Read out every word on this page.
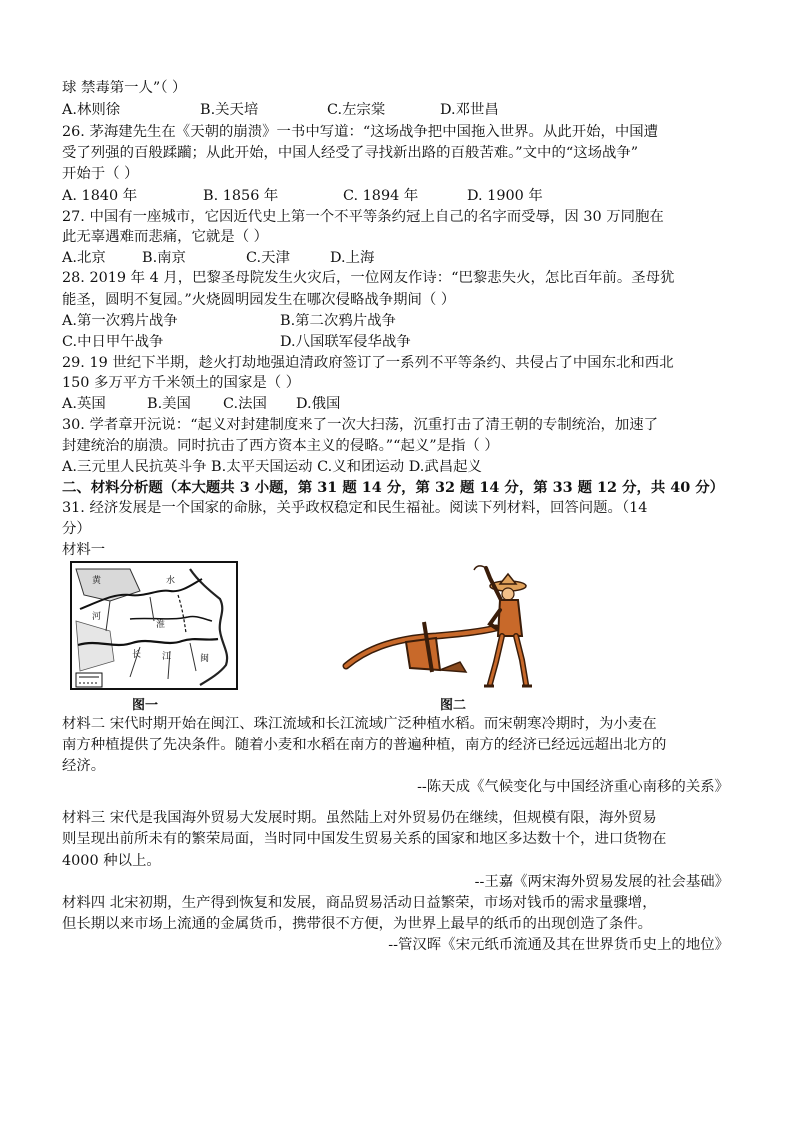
球 禁毒第一人”（ ）
A.林则徐	B.关天培	C.左宗棠	D.邓世昌
26. 茅海建先生在《天朝的崩溃》一书中写道：“这场战争把中国拖入世界。从此开始，中国遭
受了列强的百般蹂躏；从此开始，中国人经受了寻找新出路的百般苦难。”文中的“这场战争”
开始于（ ）
A. 1840 年	B. 1856 年	C. 1894 年	D. 1900 年
27. 中国有一座城市，它因近代史上第一个不平等条约冠上自己的名字而受辱，因 30 万同胞在
此无辜遇难而悲痛，它就是（ ）
A.北京	B.南京	C.天津	D.上海
28. 2019 年 4 月，巴黎圣母院发生火灾后，一位网友作诗：“巴黎悲失火，怎比百年前。圣母犹
能圣，圆明不复园。”火烧圆明园发生在哪次侵略战争期间（ ）
A.第一次鸦片战争	B.第二次鸦片战争
C.中日甲午战争	D.八国联军侵华战争
29. 19 世纪下半期，趁火打劫地强迫清政府签订了一系列不平等条约、共侵占了中国东北和西北
150 多万平方千米领土的国家是（ ）
A.英国	B.美国 C.法国 D.俄国
30. 学者章开沅说：“起义对封建制度来了一次大扫荡，沉重打击了清王朝的专制统治，加速了
封建统治的崩溃。同时抗击了西方资本主义的侵略。”“起义”是指（ ）
A.三元里人民抗英斗争 B.太平天国运动 C.义和团运动 D.武昌起义
二、材料分析题（本大题共 3 小题，第 31 题 14 分，第 32 题 14 分，第 33 题 12 分，共 40 分）
31. 经济发展是一个国家的命脉，关乎政权稳定和民生福祉。阅读下列材料，回答问题。（14
分）
材料一
黄	水
河
淮
长 江	闽
图一	图二
材料二 宋代时期开始在闽江、珠江流域和长江流域广泛种植水稻。而宋朝寒冷期时，为小麦在
南方种植提供了先决条件。随着小麦和水稻在南方的普遍种植，南方的经济已经远远超出北方的
经济。
--陈天成《气候变化与中国经济重心南移的关系》
材料三 宋代是我国海外贸易大发展时期。虽然陆上对外贸易仍在继续，但规模有限，海外贸易
则呈现出前所未有的繁荣局面，当时同中国发生贸易关系的国家和地区多达数十个，进口货物在
4000 种以上。
--王嘉《两宋海外贸易发展的社会基础》
材料四 北宋初期，生产得到恢复和发展，商品贸易活动日益繁荣，市场对钱币的需求量骤增，
但长期以来市场上流通的金属货币，携带很不方便，为世界上最早的纸币的出现创造了条件。
--管汉晖《宋元纸币流通及其在世界货币史上的地位》
